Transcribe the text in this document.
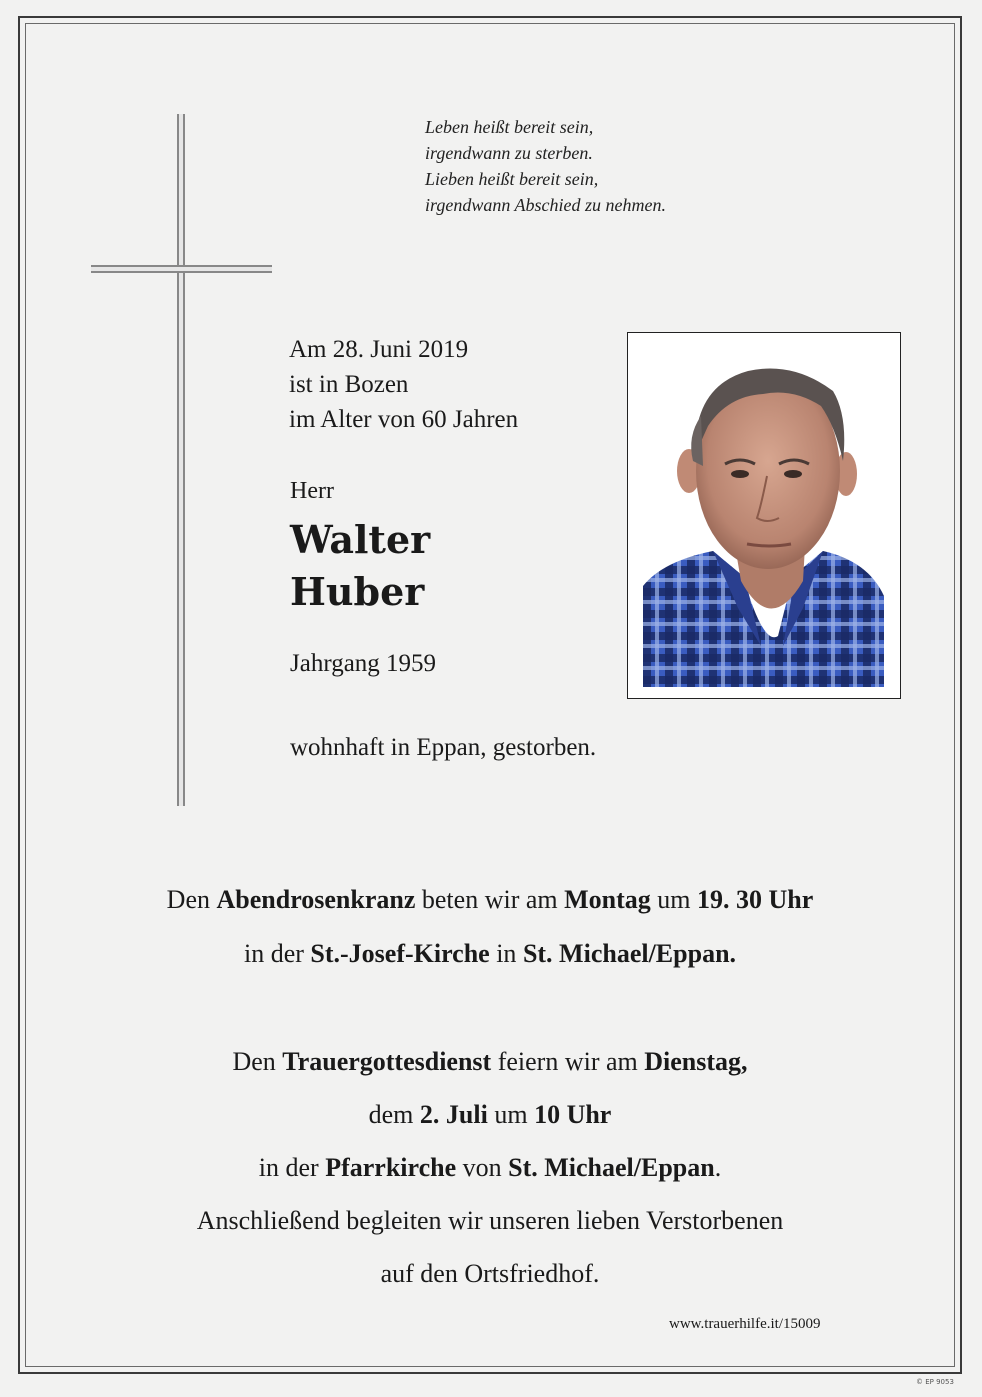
Leben heißt bereit sein,
irgendwann zu sterben.
Lieben heißt bereit sein,
irgendwann Abschied zu nehmen.
Am 28. Juni 2019
ist in Bozen
im Alter von 60 Jahren
Herr
Walter
Huber
Jahrgang 1959
wohnhaft in Eppan, gestorben.
Den Abendrosenkranz beten wir am Montag um 19. 30 Uhr
in der St.-Josef-Kirche in St. Michael/Eppan.
Den Trauergottesdienst feiern wir am Dienstag,
dem 2. Juli um 10 Uhr
in der Pfarrkirche von St. Michael/Eppan.
Anschließend begleiten wir unseren lieben Verstorbenen
auf den Ortsfriedhof.
www.trauerhilfe.it/15009
© EP 9053
